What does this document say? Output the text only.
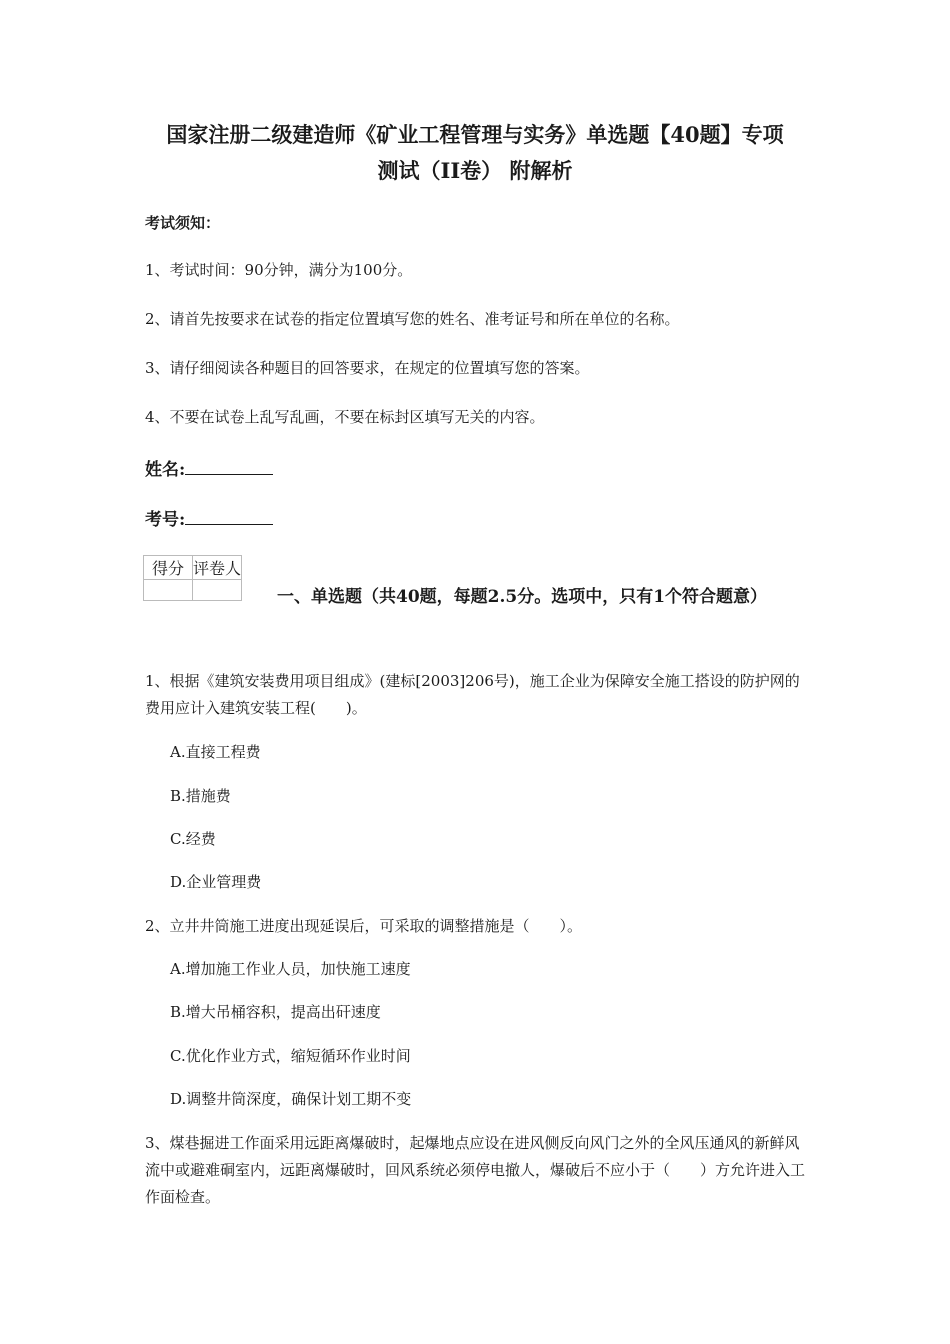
国家注册二级建造师《矿业工程管理与实务》单选题【40题】专项
测试（II卷） 附解析
考试须知：
1、考试时间：90分钟，满分为100分。
2、请首先按要求在试卷的指定位置填写您的姓名、准考证号和所在单位的名称。
3、请仔细阅读各种题目的回答要求，在规定的位置填写您的答案。
4、不要在试卷上乱写乱画，不要在标封区填写无关的内容。
姓名:
考号:
得分	评卷人

一、单选题（共40题，每题2.5分。选项中，只有1个符合题意）
1、根据《建筑安装费用项目组成》(建标[2003]206号)，施工企业为保障安全施工搭设的防护网的费用应计入建筑安装工程(　　)。
A.直接工程费
B.措施费
C.经费
D.企业管理费
2、立井井筒施工进度出现延误后，可采取的调整措施是（　　）。
A.增加施工作业人员，加快施工速度
B.增大吊桶容积，提高出矸速度
C.优化作业方式，缩短循环作业时间
D.调整井筒深度，确保计划工期不变
3、煤巷掘进工作面采用远距离爆破时，起爆地点应设在进风侧反向风门之外的全风压通风的新鲜风流中或避难硐室内，远距离爆破时，回风系统必须停电撤人，爆破后不应小于（　　）方允许进入工作面检查。
